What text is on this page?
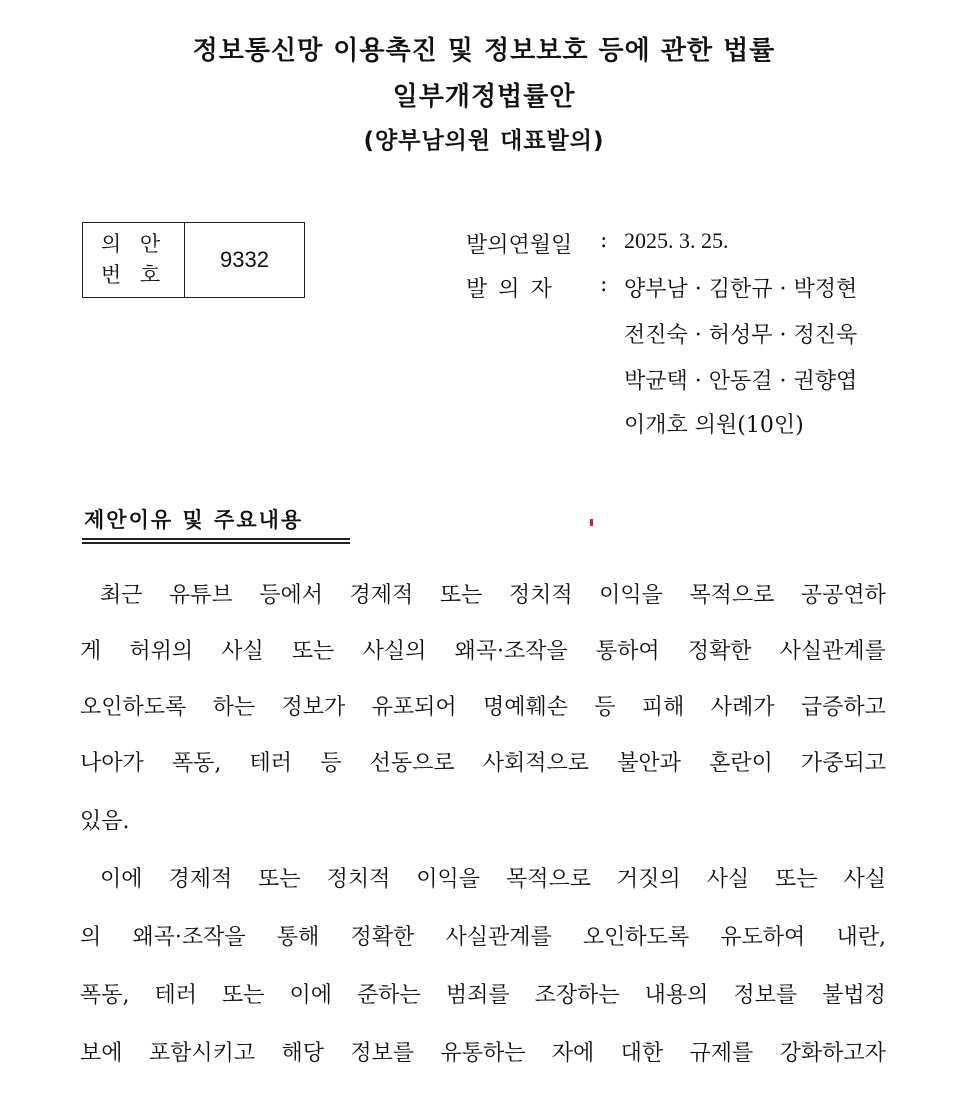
정보통신망 이용촉진 및 정보보호 등에 관한 법률
일부개정법률안
(양부남의원 대표발의)
의 안
번 호
9332
발의연월일 : 2025. 3. 25.
발 의 자 : 양부남 · 김한규 · 박정현
전진숙 · 허성무 · 정진욱
박균택 · 안동걸 · 권향엽
이개호 의원(10인)
제안이유 및 주요내용
최근 유튜브 등에서 경제적 또는 정치적 이익을 목적으로 공공연하
게 허위의 사실 또는 사실의 왜곡·조작을 통하여 정확한 사실관계를
오인하도록 하는 정보가 유포되어 명예훼손 등 피해 사례가 급증하고
나아가 폭동, 테러 등 선동으로 사회적으로 불안과 혼란이 가중되고
있음.
이에 경제적 또는 정치적 이익을 목적으로 거짓의 사실 또는 사실
의 왜곡·조작을 통해 정확한 사실관계를 오인하도록 유도하여 내란,
폭동, 테러 또는 이에 준하는 범죄를 조장하는 내용의 정보를 불법정
보에 포함시키고 해당 정보를 유통하는 자에 대한 규제를 강화하고자
